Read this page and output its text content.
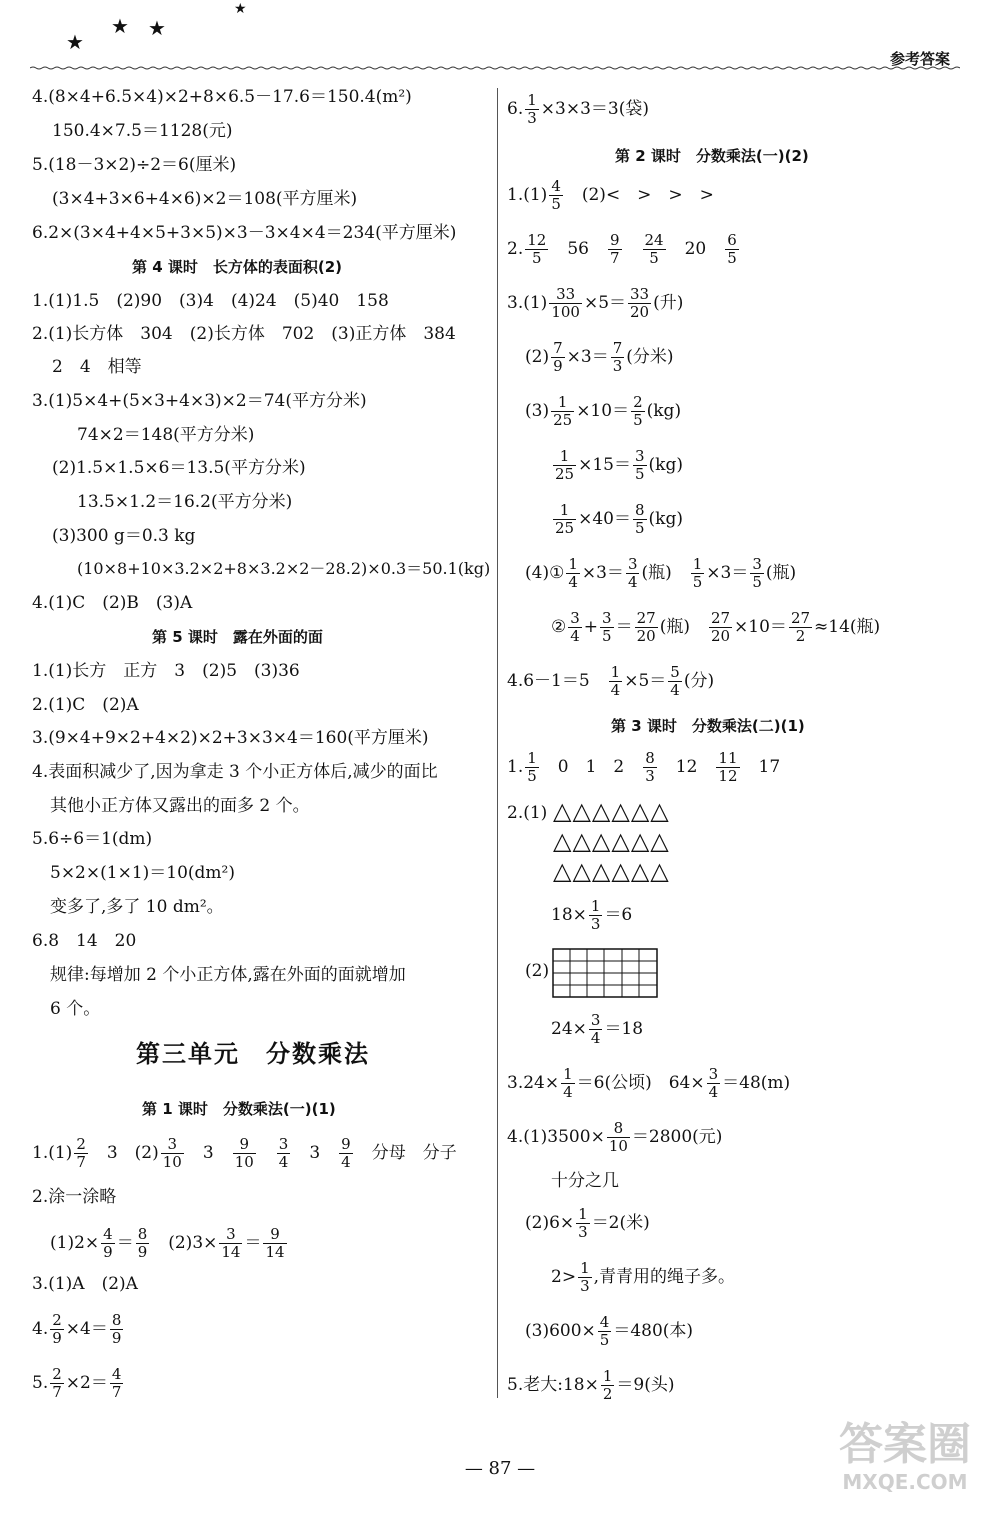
★
★ ★
★
参考答案
4.(8×4+6.5×4)×2+8×6.5－17.6＝150.4(m²)
150.4×7.5＝1128(元)
5.(18－3×2)÷2＝6(厘米)
(3×4+3×6+4×6)×2＝108(平方厘米)
6.2×(3×4+4×5+3×5)×3－3×4×4＝234(平方厘米)
第 4 课时　长方体的表面积(2)
1.(1)1.5　(2)90　(3)4　(4)24　(5)40　158
2.(1)长方体　304　(2)长方体　702　(3)正方体　384
2　4　相等
3.(1)5×4+(5×3+4×3)×2＝74(平方分米)
74×2＝148(平方分米)
(2)1.5×1.5×6＝13.5(平方分米)
13.5×1.2＝16.2(平方分米)
(3)300 g＝0.3 kg
(10×8+10×3.2×2+8×3.2×2－28.2)×0.3＝50.1(kg)
4.(1)C　(2)B　(3)A
第 5 课时　露在外面的面
1.(1)长方　正方　3　(2)5　(3)36
2.(1)C　(2)A
3.(9×4+9×2+4×2)×2+3×3×4＝160(平方厘米)
4.表面积减少了,因为拿走 3 个小正方体后,减少的面比
其他小正方体又露出的面多 2 个。
5.6÷6＝1(dm)
5×2×(1×1)＝10(dm²)
变多了,多了 10 dm²。
6.8　14　20
规律:每增加 2 个小正方体,露在外面的面就增加
6 个。
第三单元　分数乘法
第 1 课时　分数乘法(一)(1)
$1.(1) \frac{2}{7}$
　 3　$(2) \frac{3}{10}$
　 3　 $\frac{9}{10}$
　 $\frac{3}{4}$
　 3　 $\frac{9}{4}$
　 分母　分子
2.涂一涂略
$(1)2\times \frac{4}{9} = \frac{8}{9}$
　 $(2)3\times \frac{3}{14} = \frac{9}{14}$
3.(1)A　(2)A
4. $\frac{2}{9} \times 4= \frac{8}{9}$
5. $\frac{2}{7} \times 2= \frac{4}{7}$
6. $\frac{1}{3} \times 3\times 3=3$(袋)
第 2 课时　分数乘法(一)(2)
$1.(1) \frac{4}{5}$
　 (2)<　>　>　>
2. $\frac{12}{5}$
　 56　 $\frac{9}{7}$
　 $\frac{24}{5}$
　 20　 $\frac{6}{5}$
$3.(1) \frac{33}{100} \times 5= \frac{33}{20}$ (升)
$(2) \frac{7}{9} \times 3= \frac{7}{3}$ (分米)
$(3) \frac{1}{25} \times 10= \frac{2}{5} (kg)$
$\frac{1}{25} \times 15= \frac{3}{5} (kg)$
$\frac{1}{25} \times 40= \frac{8}{5} (kg)$
(4)① $\frac{1}{4} \times 3= \frac{3}{4}$ (瓶)　 $\frac{1}{5} \times 3= \frac{3}{5}$ (瓶)
② $\frac{3}{4} + \frac{3}{5} = \frac{27}{20}$ (瓶)　 $\frac{27}{20} \times 10= \frac{27}{2} \approx 14$(瓶)
4.6－1＝5　 $\frac{1}{4} \times 5= \frac{5}{4}$ (分)
第 3 课时　分数乘法(二)(1)
1. $\frac{1}{5}$
　 0　1　2　 $\frac{8}{3}$
　 12　 $\frac{11}{12}$
　 17
2.(1) △△△△△△
△△△△△△
△△△△△△
$18\times \frac{1}{3} =6$
(2)
$24\times \frac{3}{4} =18$
$3.24\times \frac{1}{4} =6$(公顷)　$64\times \frac{3}{4} =48(m)$
$4.(1)3500\times \frac{8}{10} =2800$(元)
十分之几
$(2)6\times \frac{1}{3} =2$(米)
$2> \frac{1}{3}$ ,青青用的绳子多。
$(3)600\times \frac{4}{5} =480$(本)
5.老大:18× $\frac{1}{2} =9$(头)
— 87 —	答案圈
MXQE.COM
